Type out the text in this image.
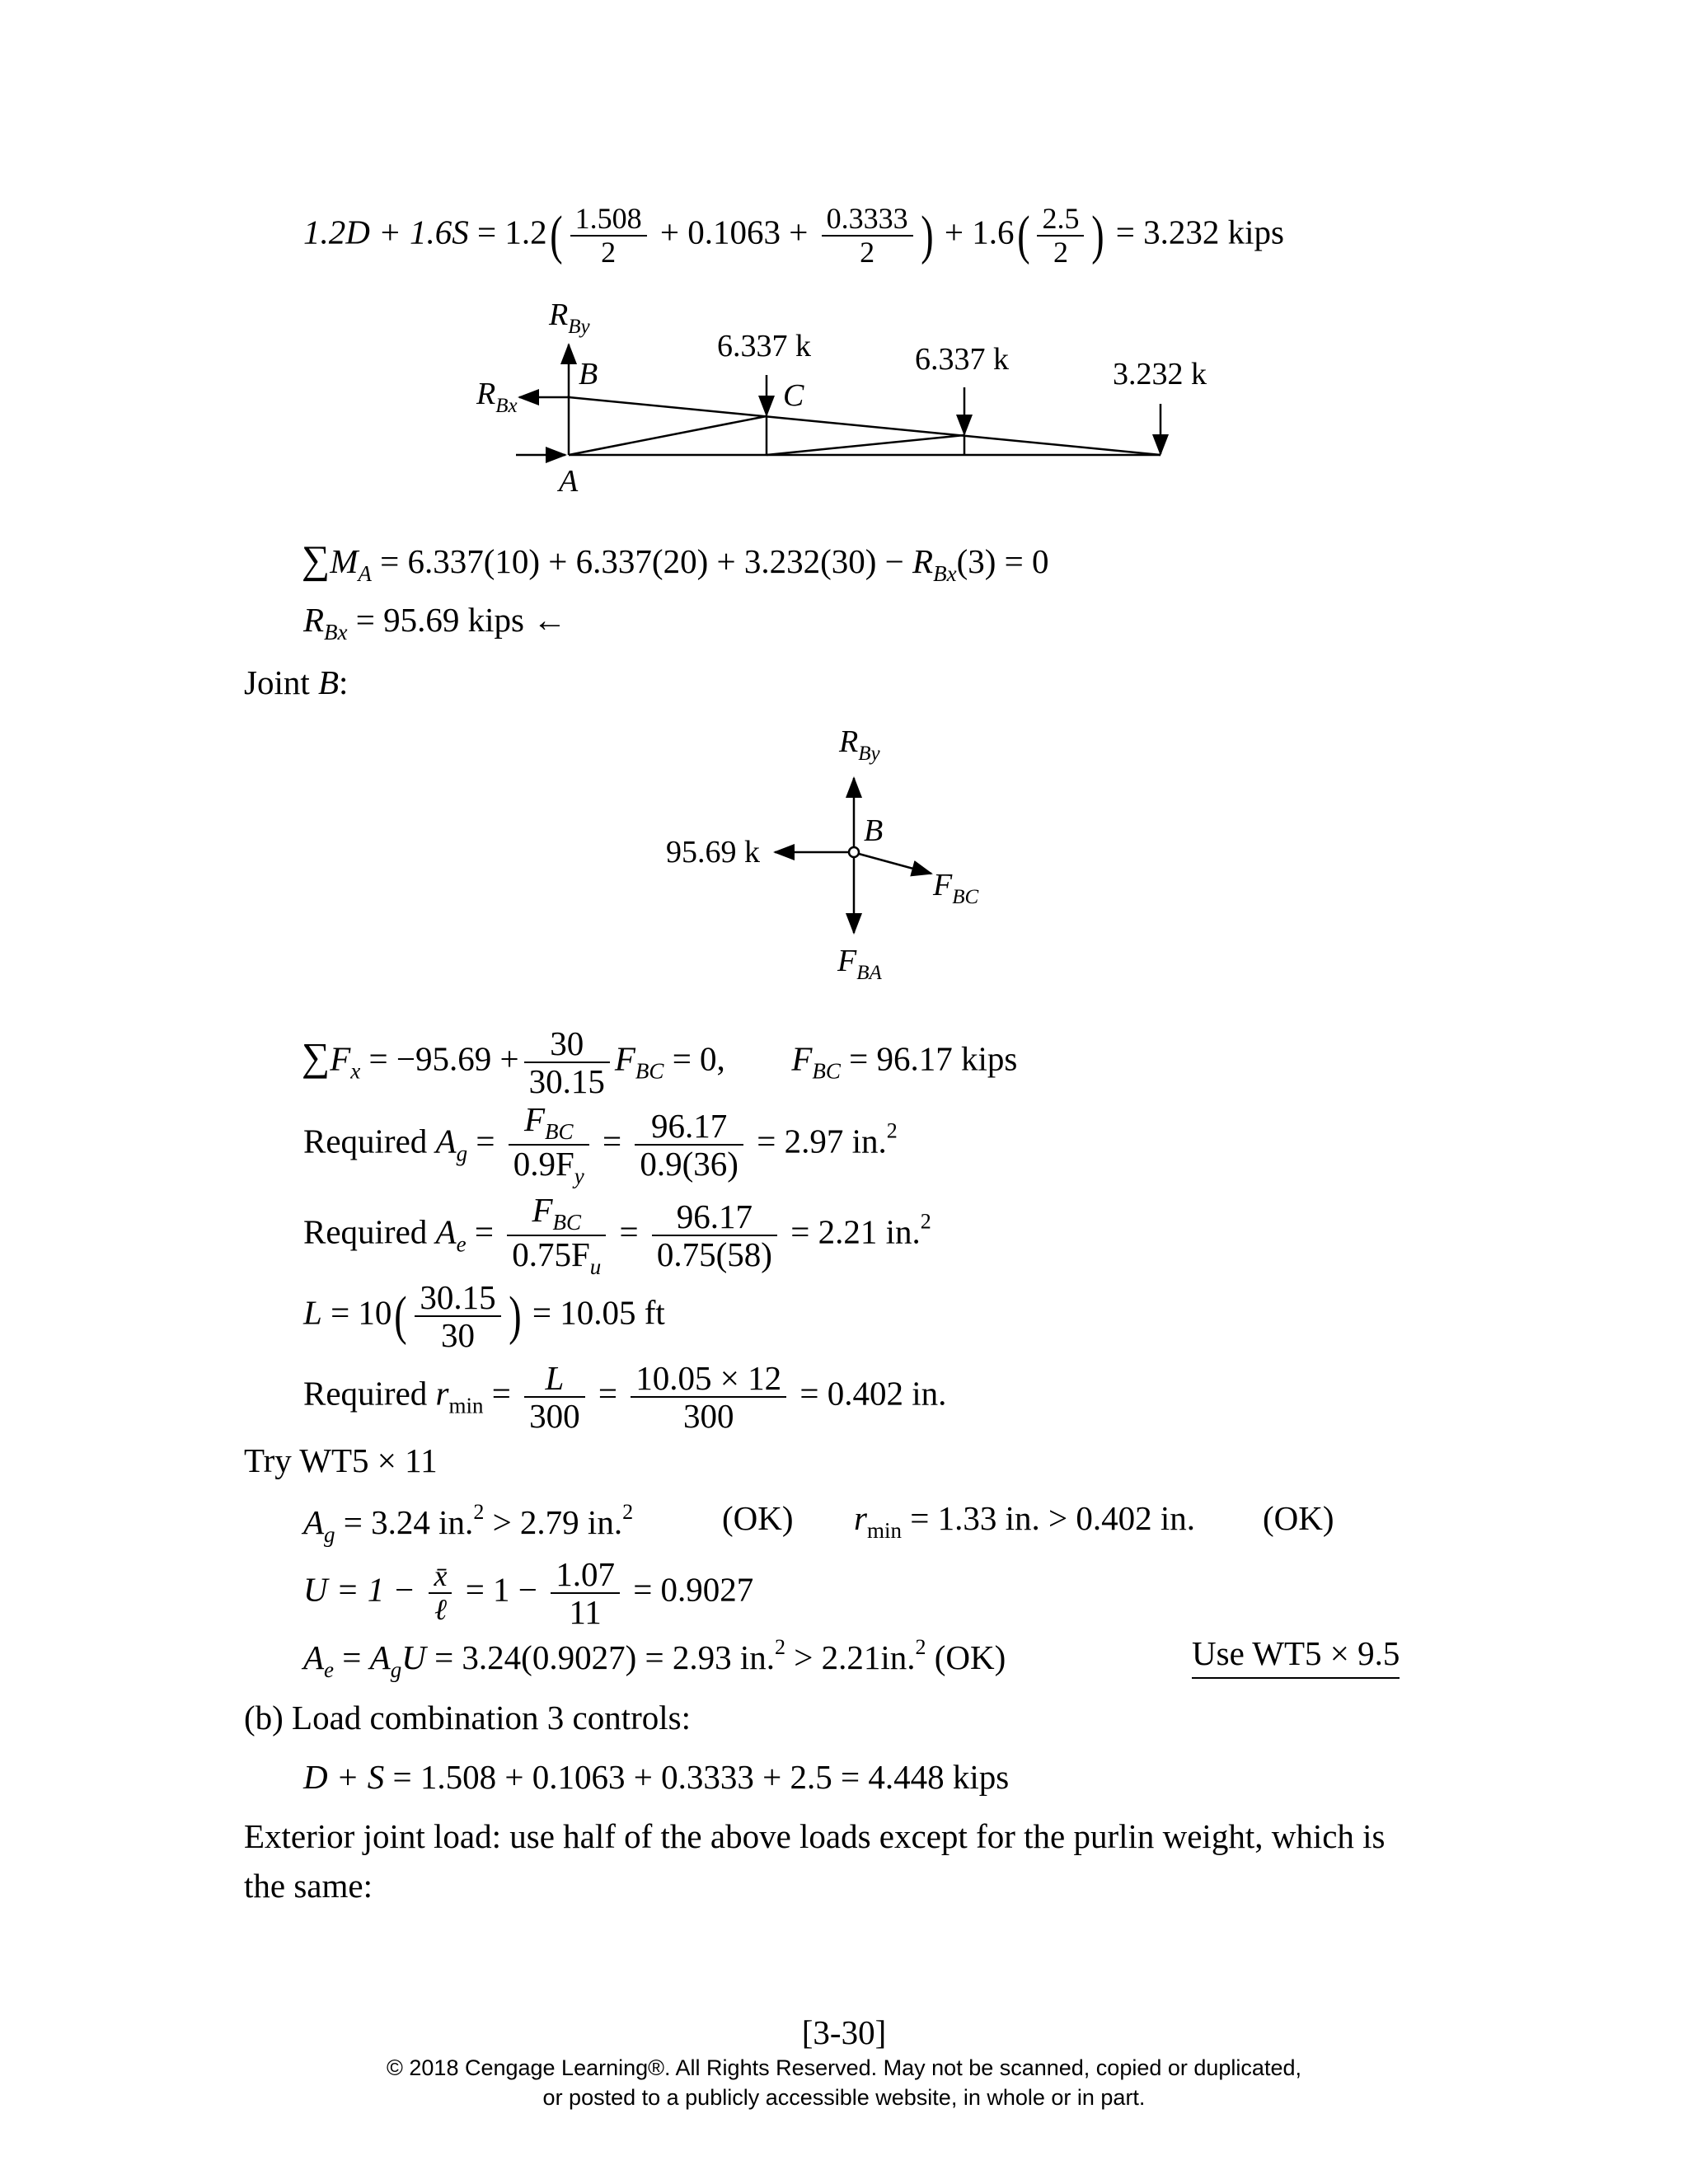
$1.2D + 1.6S = 1.2( \frac{1.508}{2} + 0.1063 + \frac{0.3333}{2}$ ) + $1.6( \frac{2.5}{2}$ ) = 3.232 kips
$R_{By}$
B
$R_{Bx}$	C
A
6.337 k	6.337 k	3.232 k
$\sum M_A = 6.337(10) + 6.337(20) + 3.232(30) - R_{Bx}(3) = 0$
$R_{Bx} = 95.69$ kips ←
Joint B:
$R_{By}$
B
95.69 k
$F_{BC}$
$F_{BA}$
$\sum F_x = -95.69 + \frac{30}{30.15} F_{BC} = 0$, $F_{BC} = 96.17$ kips
Required $A_g = \frac{F_{BC}}{0.9F_y} = \frac{96.17}{0.9(36)} = 2.97$ in.$^2$
Required $A_e = \frac{F_{BC}}{0.75F_u} = \frac{96.17}{0.75(58)} = 2.21$ in.$^2$
$L = 10( \frac{30.15}{30}$ ) = 10.05 ft
Required $r_{min} = \frac{L}{300} = \frac{10.05 \times 12}{300} = 0.402$ in.
Try WT5 × 11
$A_g = 3.24$ in.$^2$ > 2.79 in.$^2$	(OK) $r_{min} = 1.33$ in. > 0.402 in. (OK)
$U = 1 - \frac{x̄}{\text{ℓ}} = 1 - \frac{1.07}{11} = 0.9027$
$A_e = A_gU = 3.24(0.9027) = 2.93$ in.$^2$ > 2.21in.$^2$ (OK)	Use WT5 × 9.5
(b) Load combination 3 controls:
D + S = 1.508 + 0.1063 + 0.3333 + 2.5 = 4.448 kips
Exterior joint load: use half of the above loads except for the purlin weight, which is
the same:
[3-30]
© 2018 Cengage Learning®. All Rights Reserved. May not be scanned, copied or duplicated,
or posted to a publicly accessible website, in whole or in part.
